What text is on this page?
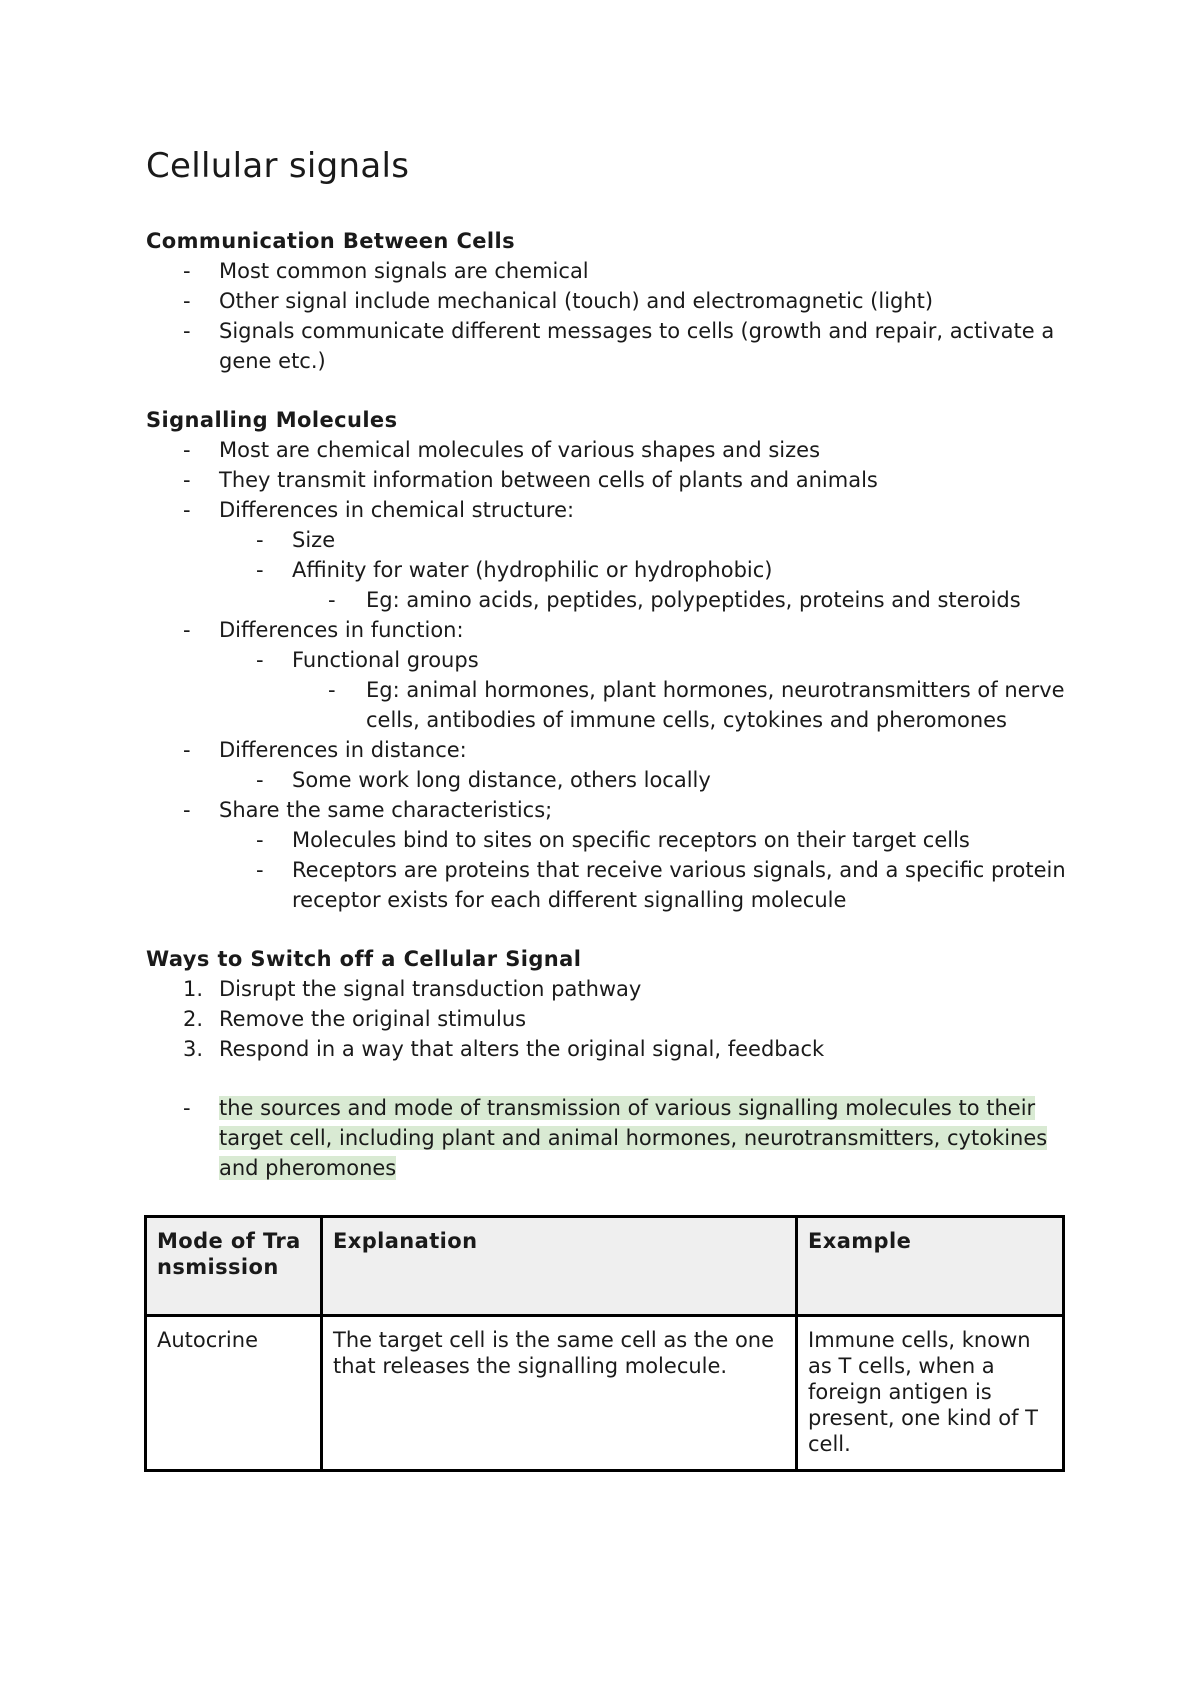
Cellular signals
Communication Between Cells
- Most common signals are chemical
- Other signal include mechanical (touch) and electromagnetic (light)
- Signals communicate different messages to cells (growth and repair, activate a gene etc.)
Signalling Molecules
- Most are chemical molecules of various shapes and sizes
- They transmit information between cells of plants and animals
- Differences in chemical structure:
- Size
- Affinity for water (hydrophilic or hydrophobic)
- Eg: amino acids, peptides, polypeptides, proteins and steroids
- Differences in function:
- Functional groups
- Eg: animal hormones, plant hormones, neurotransmitters of nerve cells, antibodies of immune cells, cytokines and pheromones
- Differences in distance:
- Some work long distance, others locally
- Share the same characteristics;
- Molecules bind to sites on specific receptors on their target cells
- Receptors are proteins that receive various signals, and a specific protein receptor exists for each different signalling molecule
Ways to Switch off a Cellular Signal
1. Disrupt the signal transduction pathway
2. Remove the original stimulus
3. Respond in a way that alters the original signal, feedback
- the sources and mode of transmission of various signalling molecules to their target cell, including plant and animal hormones, neurotransmitters, cytokines and pheromones
Mode of Transmission	Explanation	Example
Autocrine	The target cell is the same cell as the one that releases the signalling molecule.	Immune cells, known as T cells, when a foreign antigen is present, one kind of T cell.
